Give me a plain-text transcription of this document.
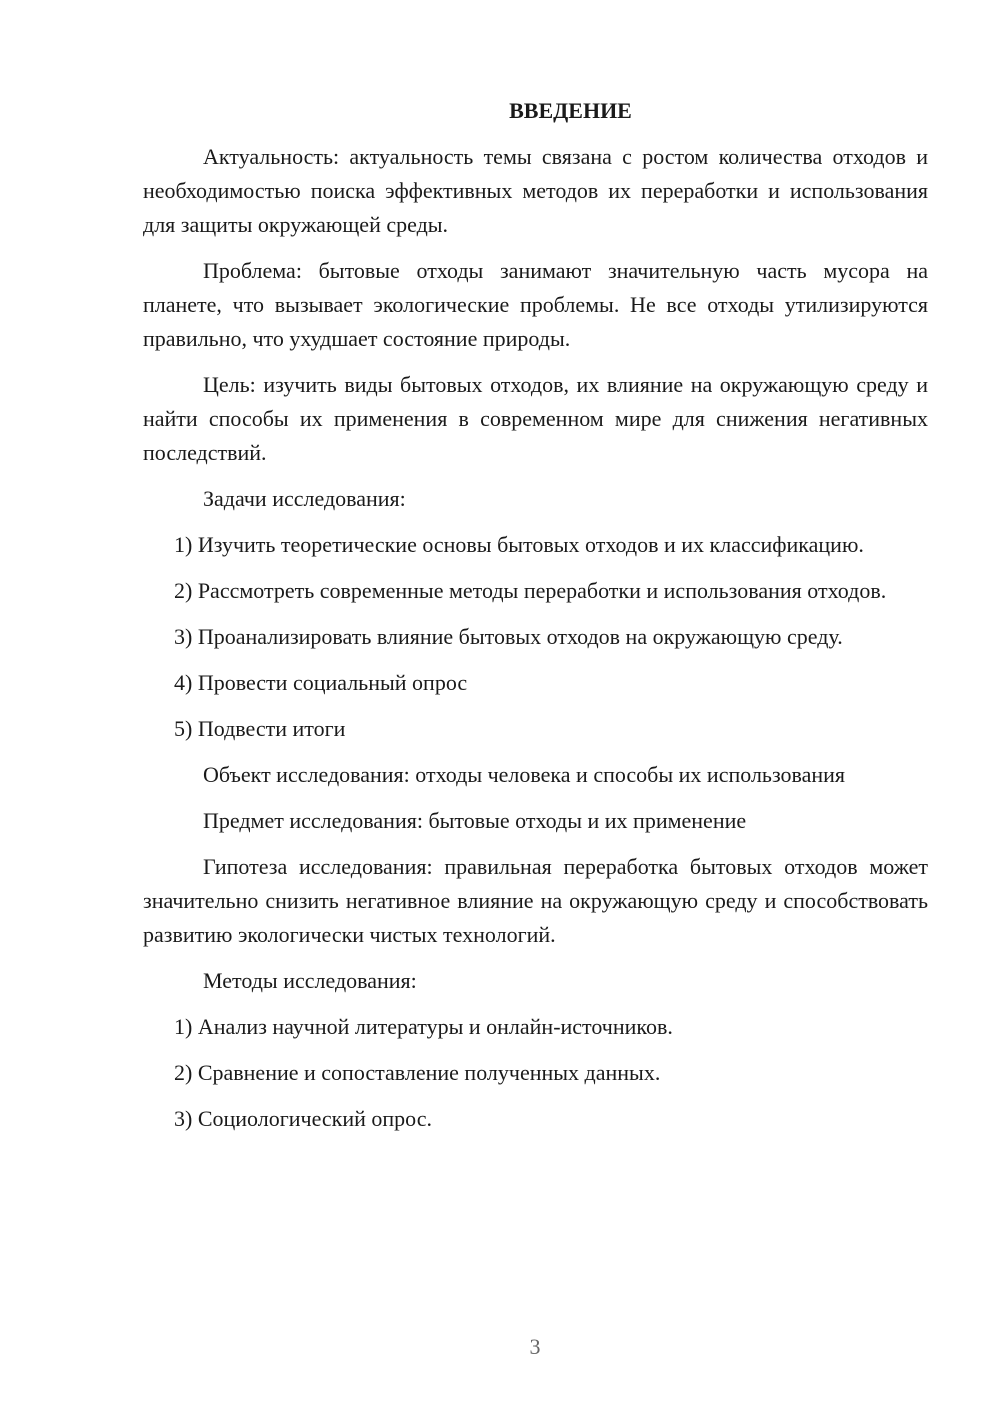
ВВЕДЕНИЕ

Актуальность: актуальность темы связана с ростом количества отходов и необходимостью поиска эффективных методов их переработки и использования для защиты окружающей среды.

Проблема: бытовые отходы занимают значительную часть мусора на планете, что вызывает экологические проблемы. Не все отходы утилизируются правильно, что ухудшает состояние природы.

Цель: изучить виды бытовых отходов, их влияние на окружающую среду и найти способы их применения в современном мире для снижения негативных последствий.

Задачи исследования:

1) Изучить теоретические основы бытовых отходов и их классификацию.

2) Рассмотреть современные методы переработки и использования отходов.

3) Проанализировать влияние бытовых отходов на окружающую среду.

4) Провести социальный опрос

5) Подвести итоги

Объект исследования: отходы человека и способы их использования

Предмет исследования: бытовые отходы и их применение

Гипотеза исследования: правильная переработка бытовых отходов может значительно снизить негативное влияние на окружающую среду и способствовать развитию экологически чистых технологий.

Методы исследования:

1) Анализ научной литературы и онлайн-источников.

2) Сравнение и сопоставление полученных данных.

3) Социологический опрос.

3
